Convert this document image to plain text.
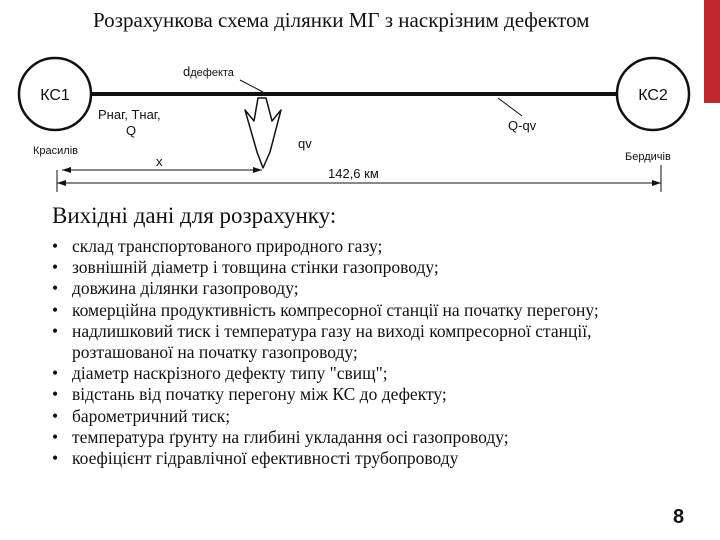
Розрахункова схема ділянки МГ з наскрізним дефектом
КС1	КС2
dдефекта
qv
Рнаг, Тнаг,
Q	Q-qv
Красилів	Бердичів
x
142,6 км
Вихідні дані для розрахунку:
• склад транспортованого природного газу;
• зовнішній діаметр і товщина стінки газопроводу;
• довжина ділянки газопроводу;
• комерційна продуктивність компресорної станції на початку перегону;
• надлишковий тиск і температура газу на виході компресорної станції, розташованої на початку газопроводу;
• діаметр наскрізного дефекту типу "свищ";
• відстань від початку перегону між КС до дефекту;
• барометричний тиск;
• температура ґрунту на глибині укладання осі газопроводу;
• коефіцієнт гідравлічної ефективності трубопроводу
8
